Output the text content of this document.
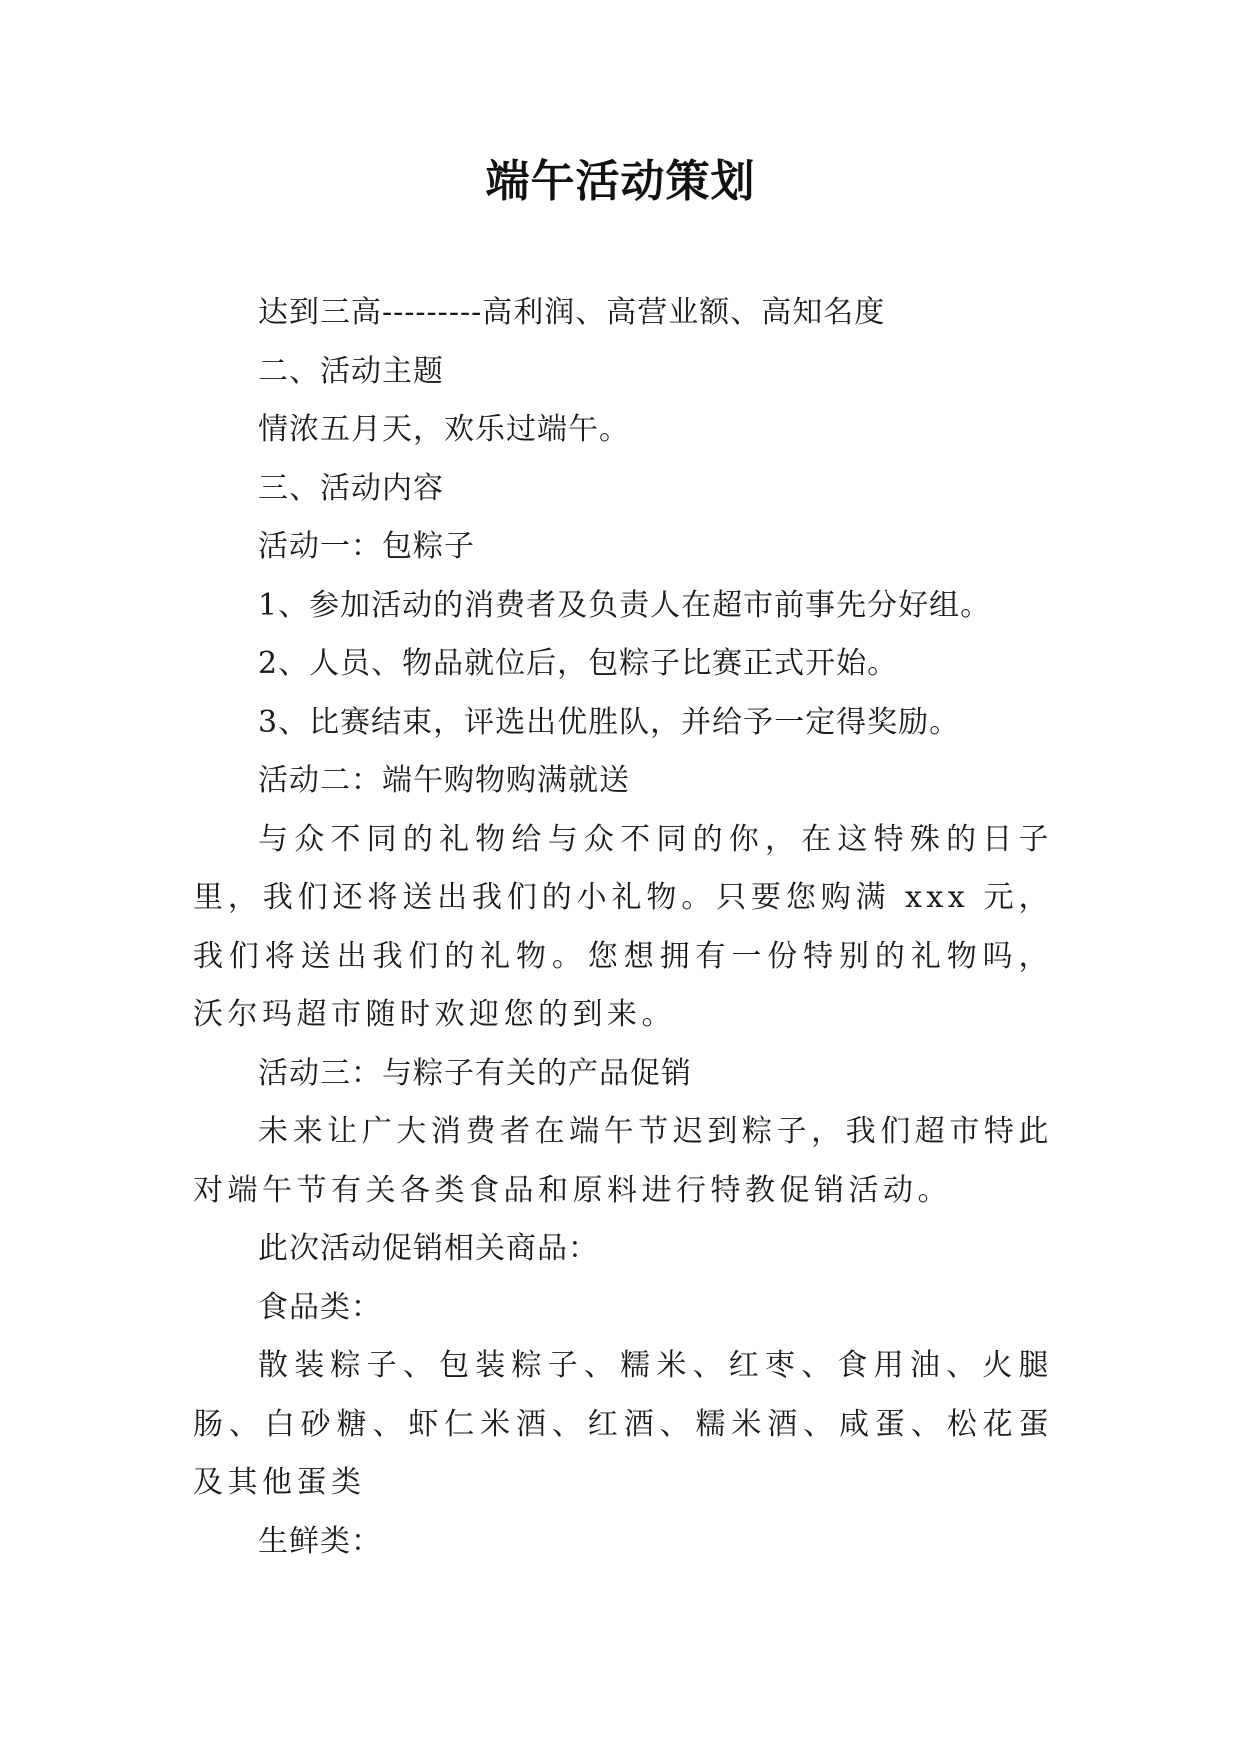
端午活动策划

达到三高---------高利润、高营业额、高知名度

二、活动主题

情浓五月天，欢乐过端午。

三、活动内容

活动一：包粽子

1、参加活动的消费者及负责人在超市前事先分好组。

2、人员、物品就位后，包粽子比赛正式开始。

3、比赛结束，评选出优胜队，并给予一定得奖励。

活动二：端午购物购满就送

与众不同的礼物给与众不同的你，在这特殊的日子里，我们还将送出我们的小礼物。只要您购满 xxx 元，我们将送出我们的礼物。您想拥有一份特别的礼物吗，沃尔玛超市随时欢迎您的到来。

活动三：与粽子有关的产品促销

未来让广大消费者在端午节迟到粽子，我们超市特此对端午节有关各类食品和原料进行特教促销活动。

此次活动促销相关商品：

食品类：

散装粽子、包装粽子、糯米、红枣、食用油、火腿肠、白砂糖、虾仁米酒、红酒、糯米酒、咸蛋、松花蛋及其他蛋类

生鲜类：
